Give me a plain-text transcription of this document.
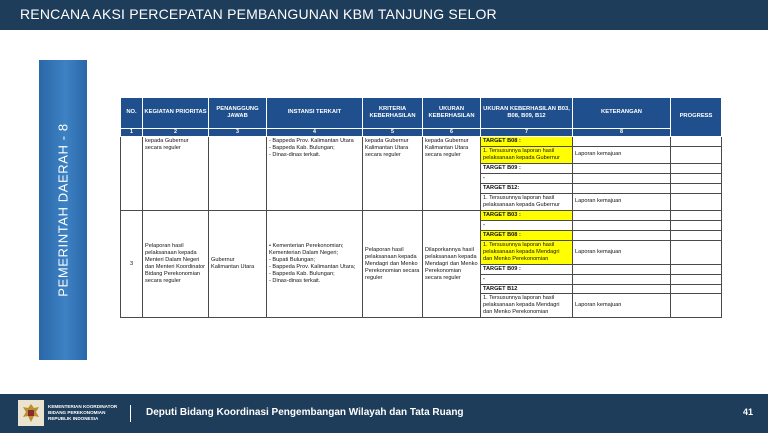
RENCANA AKSI PERCEPATAN PEMBANGUNAN KBM TANJUNG SELOR
PEMERINTAH DAERAH - 8
NO.	KEGIATAN PRIORITAS	PENANGGUNG JAWAB	INSTANSI TERKAIT	KRITERIA KEBERHASILAN	UKURAN KEBERHASILAN	UKURAN KEBERHASILAN B03, B08, B09, B12	KETERANGAN	PROGRESS
1	2	3	4	5	6	7	8	
	kepada Gubernur secara reguler		- Bappeda Prov. Kalimantan Utara
- Bappeda Kab. Bulungan;
- Dinas-dinas terkait.	kepada Gubernur Kalimantan Utara secara reguler	kepada Gubernur Kalimantan Utara secara reguler	TARGET B08 :		
						1. Tersusunnya laporan hasil pelaksanaan kepada Gubernur	Laporan kemajuan	
						TARGET B09 :		
						-		
						TARGET B12:		
						1. Tersusunnya laporan hasil pelaksanaan kepada Gubernur	Laporan kemajuan	
3	Pelaporan hasil pelaksanaan kepada Menteri Dalam Negeri dan Menteri Koordinator Bidang Perekonomian secara reguler	Gubernur Kalimantan Utara	• Kementerian Perekonomian; Kementerian Dalam Negeri;
- Bupati Bulungan;
- Bappeda Prov. Kalimantan Utara;
- Bappeda Kab. Bulungan;
- Dinas-dinas terkait.	Pelaporan hasil pelaksanaan kepada Mendagri dan Menko Perekonomian secara reguler	Dilaporkannya hasil pelaksanaan kepada Mendagri dan Menko Perekonomian secara reguler	TARGET B03 :		
						-		
						TARGET B08 :		
						1. Tersusunnya laporan hasil pelaksanaan kepada Mendagri dan Menko Perekonomian	Laporan kemajuan	
						TARGET B09 :		
						-		
						TARGET B12		
						1. Tersusunnya laporan hasil pelaksanaan kepada Mendagri dan Menko Perekonomian	Laporan kemajuan	
KEMENTERIAN KOORDINATOR
BIDANG PEREKONOMIAN
REPUBLIK INDONESIA
Deputi Bidang Koordinasi Pengembangan Wilayah dan Tata Ruang	41
